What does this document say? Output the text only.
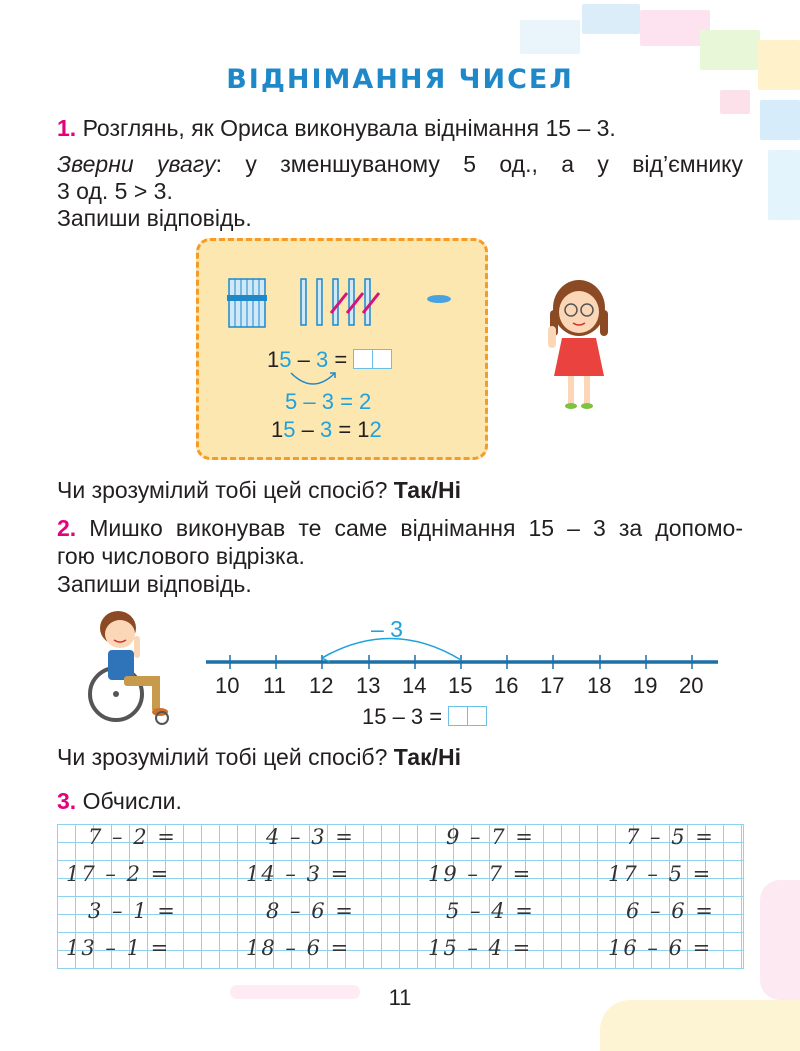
ВІДНІМАННЯ ЧИСЕЛ
1. Розглянь, як Ориса виконувала віднімання 15 – 3.
Зверни увагу: у зменшуваному 5 од., а у від’ємнику
3 од. 5 > 3.
Запиши відповідь.
15 – 3 =
5 – 3 = 2
15 – 3 = 12
Чи зрозумілий тобі цей спосіб? Так/Ні
2. Мишко виконував те саме віднімання 15 – 3 за допомо-
гою числового відрізка.
Запиши відповідь.
– 3
10 11 12 13 14 15 16 17 18 19 20
15 – 3 =
Чи зрозумілий тобі цей спосіб? Так/Ні
3. Обчисли.
7 – 2 =	4 – 3 =	9 – 7 =	7 – 5 =
17 – 2 =	14 – 3 =	19 – 7 =	17 – 5 =
3 – 1 =	8 – 6 =	5 – 4 =	6 – 6 =
13 – 1 =	18 – 6 =	15 – 4 =	16 – 6 =
11
